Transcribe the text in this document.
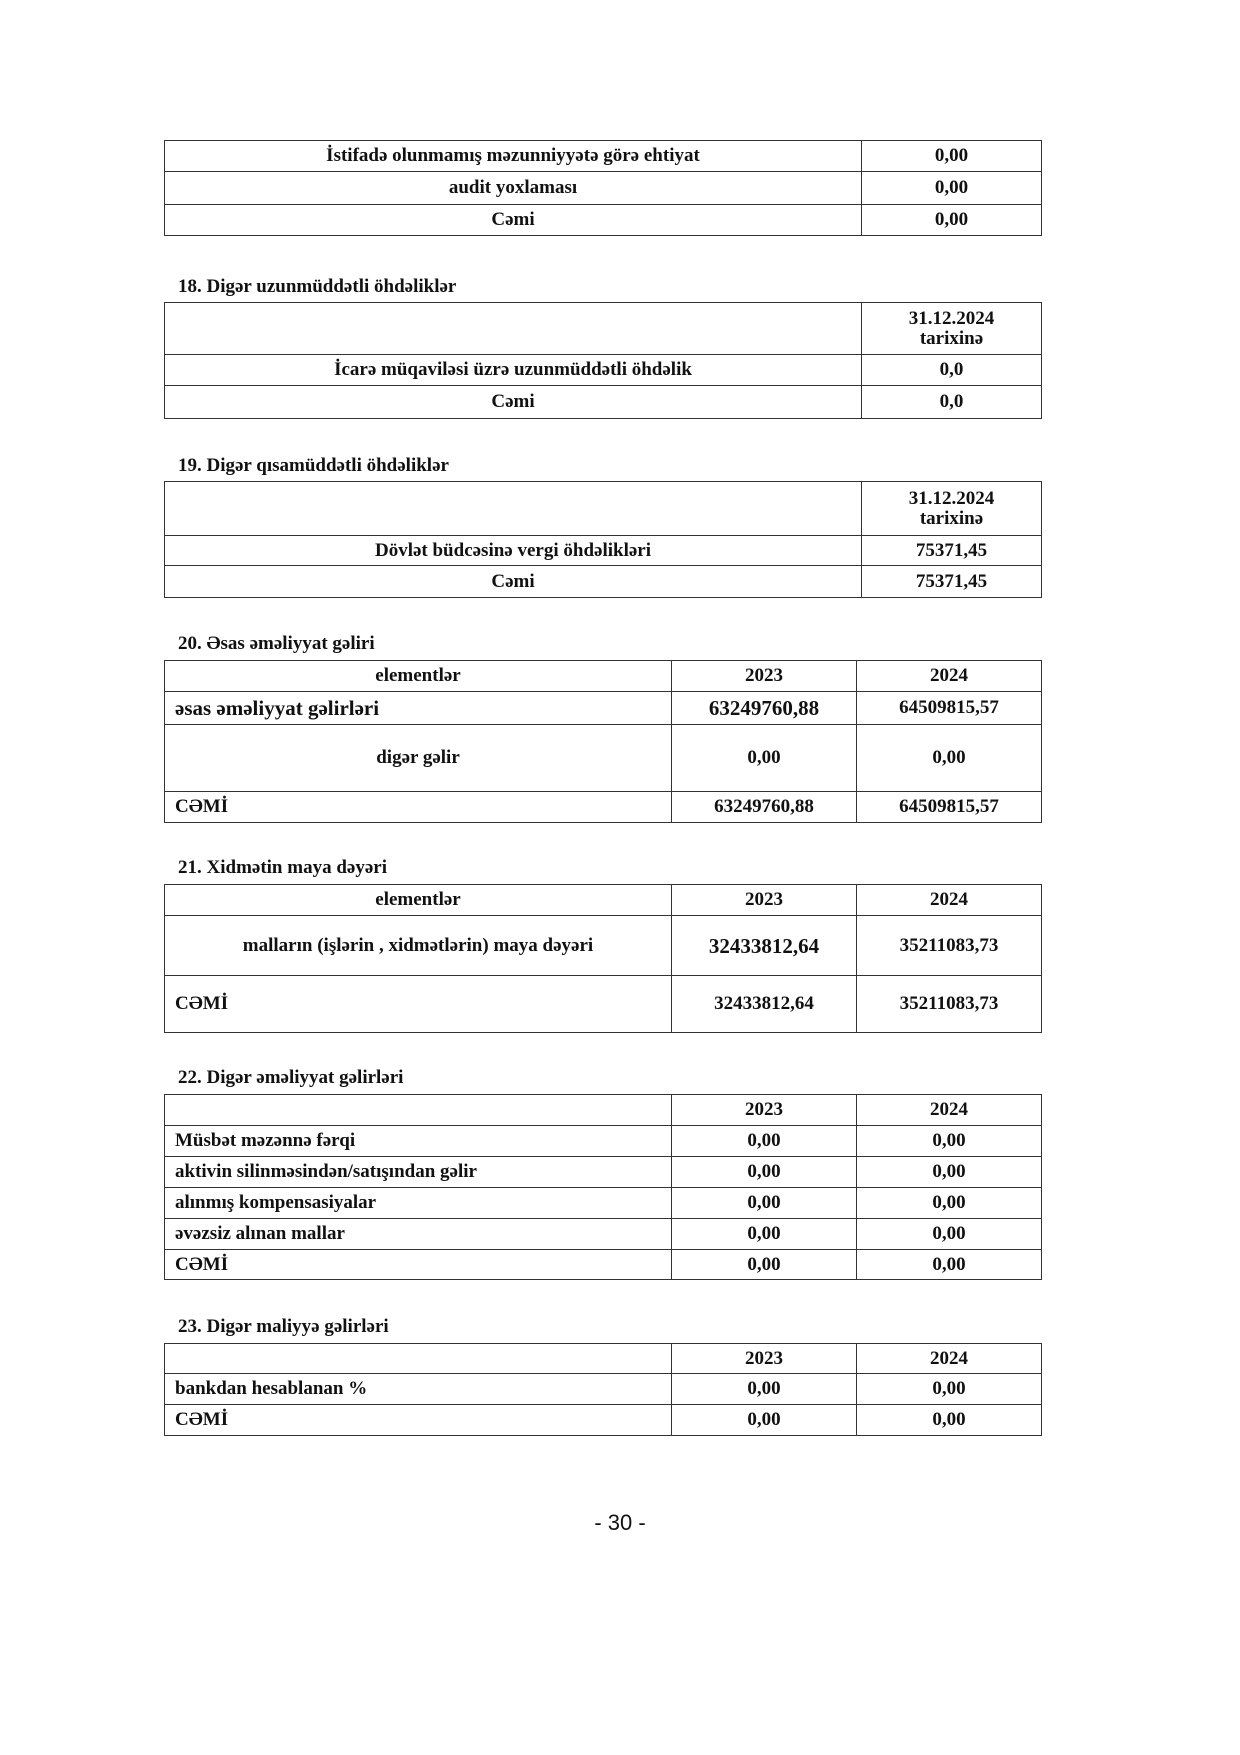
İstifadə olunmamış məzunniyyətə görə ehtiyat	0,00
audit yoxlaması	0,00
Cəmi	0,00
18. Digər uzunmüddətli öhdəliklər
	31.12.2024
tarixinə
İcarə müqaviləsi üzrə uzunmüddətli öhdəlik	0,0
Cəmi	0,0
19. Digər qısamüddətli öhdəliklər
	31.12.2024
tarixinə
Dövlət büdcəsinə vergi öhdəlikləri	75371,45
Cəmi	75371,45
20. Əsas əməliyyat gəliri
elementlər	2023	2024
əsas əməliyyat gəlirləri	63249760,88	64509815,57
digər gəlir	0,00	0,00
CƏMİ	63249760,88	64509815,57
21. Xidmətin maya dəyəri
elementlər	2023	2024
malların (işlərin , xidmətlərin) maya dəyəri	32433812,64	35211083,73
CƏMİ	32433812,64	35211083,73
22. Digər əməliyyat gəlirləri
	2023	2024
Müsbət məzənnə fərqi	0,00	0,00
aktivin silinməsindən/satışından gəlir	0,00	0,00
alınmış kompensasiyalar	0,00	0,00
əvəzsiz alınan mallar	0,00	0,00
CƏMİ	0,00	0,00
23. Digər maliyyə gəlirləri
	2023	2024
bankdan hesablanan %	0,00	0,00
CƏMİ	0,00	0,00
- 30 -
